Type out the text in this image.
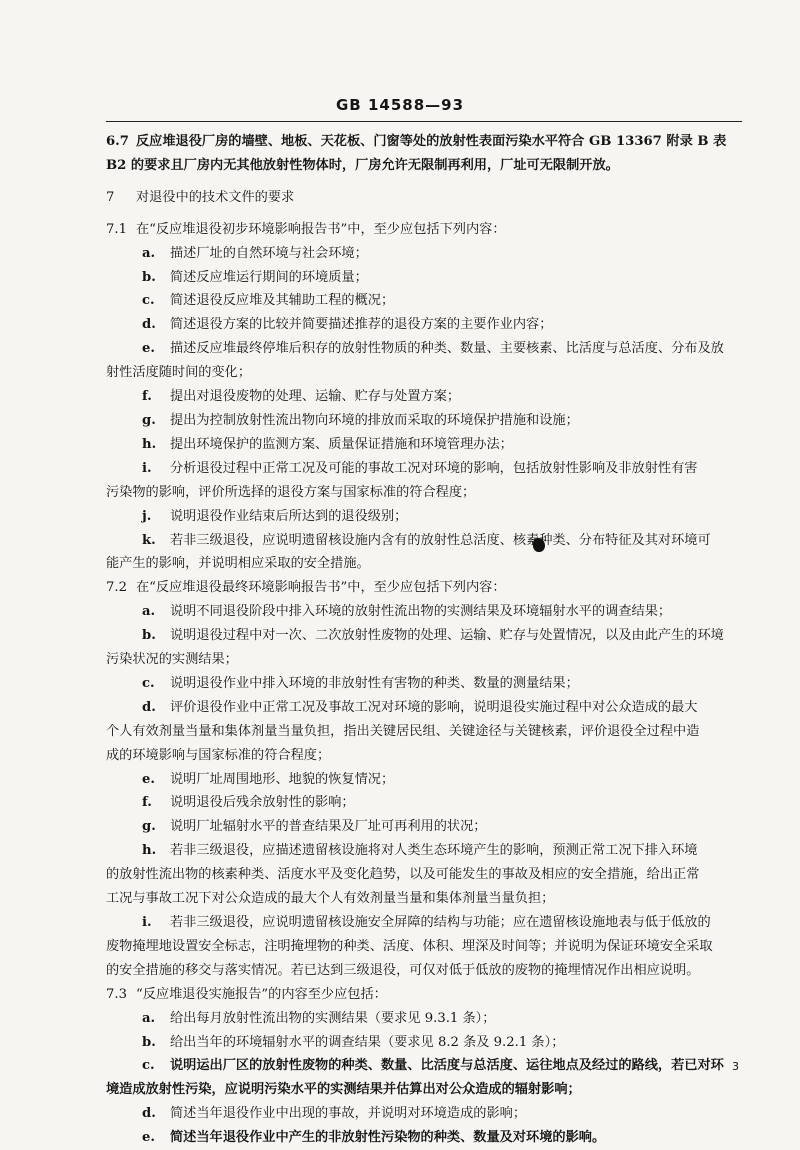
GB 14588—93
6.7 反应堆退役厂房的墙壁、地板、天花板、门窗等处的放射性表面污染水平符合 GB 13367 附录 B 表
B2 的要求且厂房内无其他放射性物体时，厂房允许无限制再利用，厂址可无限制开放。
7 对退役中的技术文件的要求
7.1 在“反应堆退役初步环境影响报告书”中，至少应包括下列内容：
a. 描述厂址的自然环境与社会环境；
b. 简述反应堆运行期间的环境质量；
c. 简述退役反应堆及其辅助工程的概况；
d. 简述退役方案的比较并简要描述推荐的退役方案的主要作业内容；
e. 描述反应堆最终停堆后积存的放射性物质的种类、数量、主要核素、比活度与总活度、分布及放
射性活度随时间的变化；
f. 提出对退役废物的处理、运输、贮存与处置方案；
g. 提出为控制放射性流出物向环境的排放而采取的环境保护措施和设施；
h. 提出环境保护的监测方案、质量保证措施和环境管理办法；
i. 分析退役过程中正常工况及可能的事故工况对环境的影响，包括放射性影响及非放射性有害
污染物的影响，评价所选择的退役方案与国家标准的符合程度；
j. 说明退役作业结束后所达到的退役级别；
k. 若非三级退役，应说明遗留核设施内含有的放射性总活度、核素种类、分布特征及其对环境可
能产生的影响，并说明相应采取的安全措施。
7.2 在“反应堆退役最终环境影响报告书”中，至少应包括下列内容：
a. 说明不同退役阶段中排入环境的放射性流出物的实测结果及环境辐射水平的调查结果；
b. 说明退役过程中对一次、二次放射性废物的处理、运输、贮存与处置情况，以及由此产生的环境
污染状况的实测结果；
c. 说明退役作业中排入环境的非放射性有害物的种类、数量的测量结果；
d. 评价退役作业中正常工况及事故工况对环境的影响，说明退役实施过程中对公众造成的最大
个人有效剂量当量和集体剂量当量负担，指出关键居民组、关键途径与关键核素，评价退役全过程中造
成的环境影响与国家标准的符合程度；
e. 说明厂址周围地形、地貌的恢复情况；
f. 说明退役后残余放射性的影响；
g. 说明厂址辐射水平的普查结果及厂址可再利用的状况；
h. 若非三级退役，应描述遗留核设施将对人类生态环境产生的影响，预测正常工况下排入环境
的放射性流出物的核素种类、活度水平及变化趋势，以及可能发生的事故及相应的安全措施，给出正常
工况与事故工况下对公众造成的最大个人有效剂量当量和集体剂量当量负担；
i. 若非三级退役，应说明遗留核设施安全屏障的结构与功能；应在遗留核设施地表与低于低放的
废物掩埋地设置安全标志，注明掩埋物的种类、活度、体积、埋深及时间等；并说明为保证环境安全采取
的安全措施的移交与落实情况。若已达到三级退役，可仅对低于低放的废物的掩埋情况作出相应说明。
7.3 “反应堆退役实施报告”的内容至少应包括：
a. 给出每月放射性流出物的实测结果（要求见 9.3.1 条）；
b. 给出当年的环境辐射水平的调查结果（要求见 8.2 条及 9.2.1 条）；
c. 说明运出厂区的放射性废物的种类、数量、比活度与总活度、运往地点及经过的路线，若已对环
境造成放射性污染，应说明污染水平的实测结果并估算出对公众造成的辐射影响；
d. 简述当年退役作业中出现的事故，并说明对环境造成的影响；
e. 简述当年退役作业中产生的非放射性污染物的种类、数量及对环境的影响。
3
